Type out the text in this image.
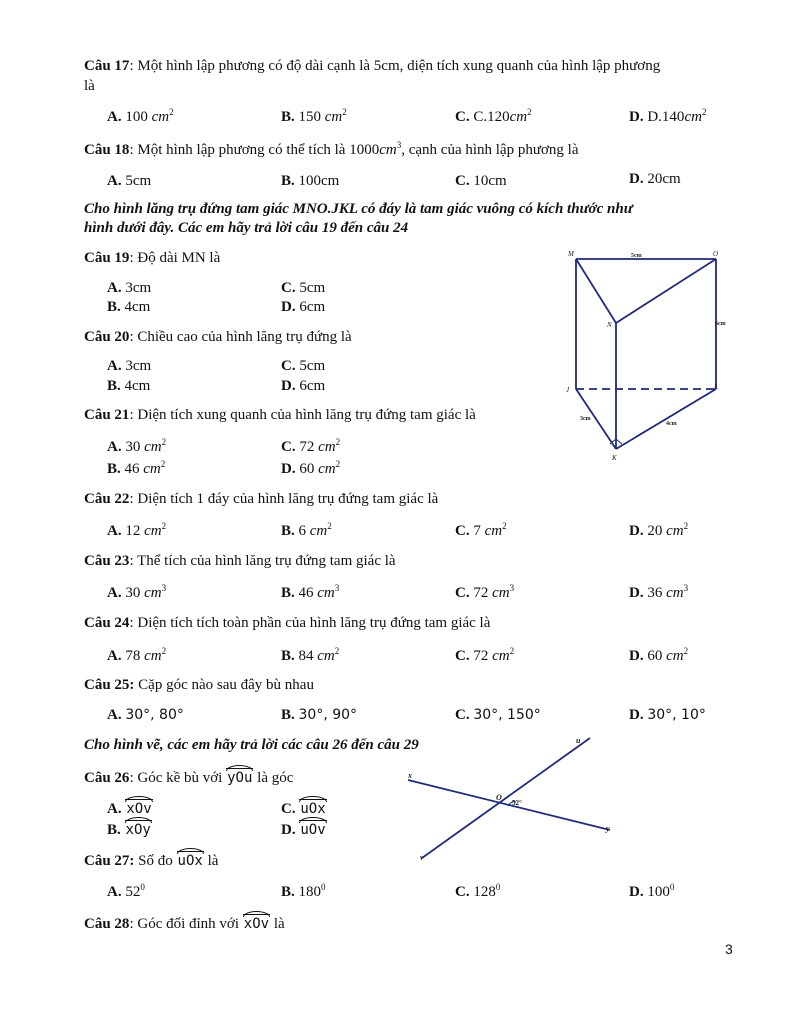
Câu 17: Một hình lập phương có độ dài cạnh là 5cm, diện tích xung quanh của hình lập phương
là
A. 100 $cm^2$	B. 150 $cm^2$	C. $C.120cm^2$	D. $D.140cm^2$
Câu 18: Một hình lập phương có thể tích là $1000cm^3$, cạnh của hình lập phương là
A. 5cm	B. 100cm	C. 10cm	D. 20cm
Cho hình lăng trụ đứng tam giác MNO.JKL có đáy là tam giác vuông có kích thước như
hình dưới đây. Các em hãy trả lời câu 19 đến câu 24
Câu 19: Độ dài MN là
A. 3cm	C. 5cm
B. 4cm	D. 6cm
Câu 20: Chiều cao của hình lăng trụ đứng là
A. 3cm	C. 5cm
B. 4cm	D. 6cm
Câu 21: Diện tích xung quanh của hình lăng trụ đứng tam giác là
A. 30 $cm^2$	C. 72 $cm^2$
B. 46 $cm^2$	D. 60 $cm^2$
M	O
N
J	L
K
5cm
6cm
3cm
4cm
Câu 22: Diện tích 1 đáy của hình lăng trụ đứng tam giác là
A. 12 $cm^2$	B. 6 $cm^2$	C. 7 $cm^2$	D. 20 $cm^2$
Câu 23: Thể tích của hình lăng trụ đứng tam giác là
A. 30 $cm^3$	B. 46 $cm^3$	C. 72 $cm^3$	D. 36 $cm^3$
Câu 24: Diện tích tích toàn phần của hình lăng trụ đứng tam giác là
A. 78 $cm^2$	B. 84 $cm^2$	C. 72 $cm^2$	D. 60 $cm^2$
Câu 25: Cặp góc nào sau đây bù nhau
A. 30°, 80°	B. 30°, 90°	C. 30°, 150°	D. 30°, 10°
Cho hình vẽ, các em hãy trả lời các câu 26 đến câu 29	u
x
O
y
v
52°
Câu 26: Góc kề bù với yOu là góc
A. xOv	C. uOx
B. xOy	D. uOv
Câu 27: Số đo uOx là
A. $52^0$	B. $180^0$	C. $128^0$	D. $100^0$
Câu 28: Góc đối đỉnh với xOv là
3
